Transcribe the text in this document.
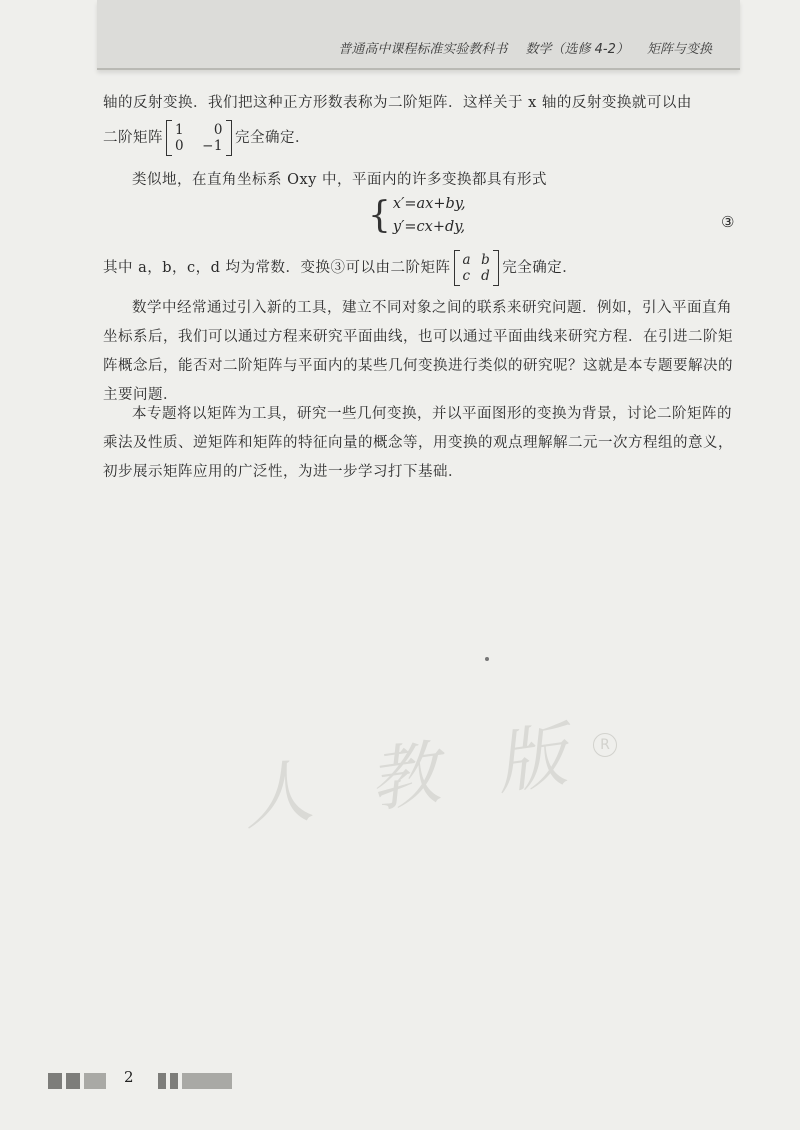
普通高中课程标准实验教科书 数学（选修 4-2） 矩阵与变换
轴的反射变换．我们把这种正方形数表称为二阶矩阵．这样关于 x 轴的反射变换就可以由
二阶矩阵 1	0
0 −1
完全确定．
类似地，在直角坐标系 Oxy 中，平面内的许多变换都具有形式
{ x′=ax+by,
y′=cx+dy,	③
其中 a，b，c，d 均为常数．变换③可以由二阶矩阵 a b
c d
完全确定．
数学中经常通过引入新的工具，建立不同对象之间的联系来研究问题．例如，引入平面直角坐标系后，我们可以通过方程来研究平面曲线，也可以通过平面曲线来研究方程．在引进二阶矩阵概念后，能否对二阶矩阵与平面内的某些几何变换进行类似的研究呢？这就是本专题要解决的主要问题．
本专题将以矩阵为工具，研究一些几何变换，并以平面图形的变换为背景，讨论二阶矩阵的乘法及性质、逆矩阵和矩阵的特征向量的概念等，用变换的观点理解解二元一次方程组的意义，初步展示矩阵应用的广泛性，为进一步学习打下基础．
人 教 版 R
2
